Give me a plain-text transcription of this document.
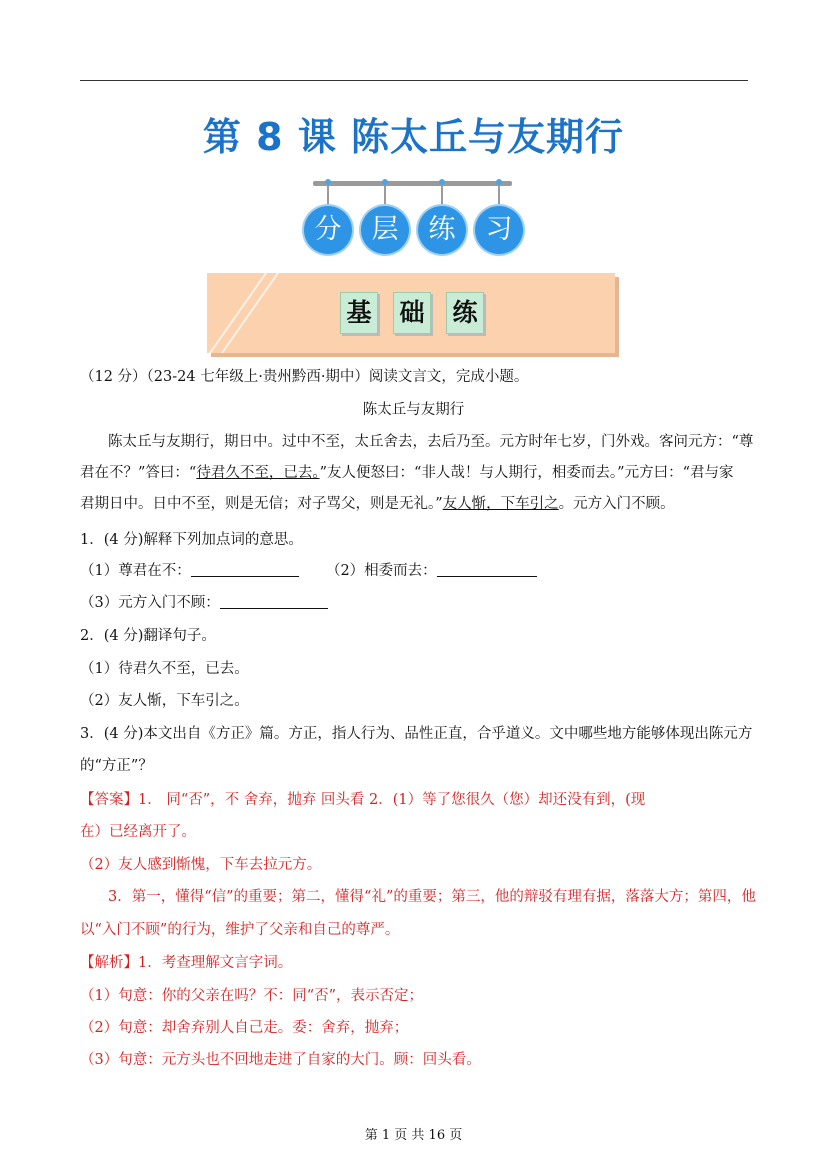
第 8 课 陈太丘与友期行
分	层	练	习
基 础 练
（12 分）（23-24 七年级上·贵州黔西·期中）阅读文言文，完成小题。
陈太丘与友期行
陈太丘与友期行，期日中。过中不至，太丘舍去，去后乃至。元方时年七岁，门外戏。客问元方：“尊
君在不？”答曰：“待君久不至，已去。”友人便怒曰：“非人哉！与人期行，相委而去。”元方曰：“君与家
君期日中。日中不至，则是无信；对子骂父，则是无礼。”友人惭，下车引之。元方入门不顾。
1．(4 分)解释下列加点词的意思。
（1）尊君在不：	（2）相委而去：
（3）元方入门不顾：
2．(4 分)翻译句子。
（1）待君久不至，已去。
（2）友人惭，下车引之。
3．(4 分)本文出自《方正》篇。方正，指人行为、品性正直，合乎道义。文中哪些地方能够体现出陈元方
的“方正”？
【答案】1． 同“否”，不 舍弃，抛弃 回头看 2．(1）等了您很久（您）却还没有到，(现
在）已经离开了。
（2）友人感到惭愧，下车去拉元方。
3．第一，懂得“信”的重要；第二，懂得“礼”的重要；第三，他的辩驳有理有据，落落大方；第四，他
以“入门不顾”的行为，维护了父亲和自己的尊严。
【解析】1．考查理解文言字词。
（1）句意：你的父亲在吗？不：同“否”，表示否定；
（2）句意：却舍弃别人自己走。委：舍弃，抛弃；
（3）句意：元方头也不回地走进了自家的大门。顾：回头看。
第 1 页 共 16 页
